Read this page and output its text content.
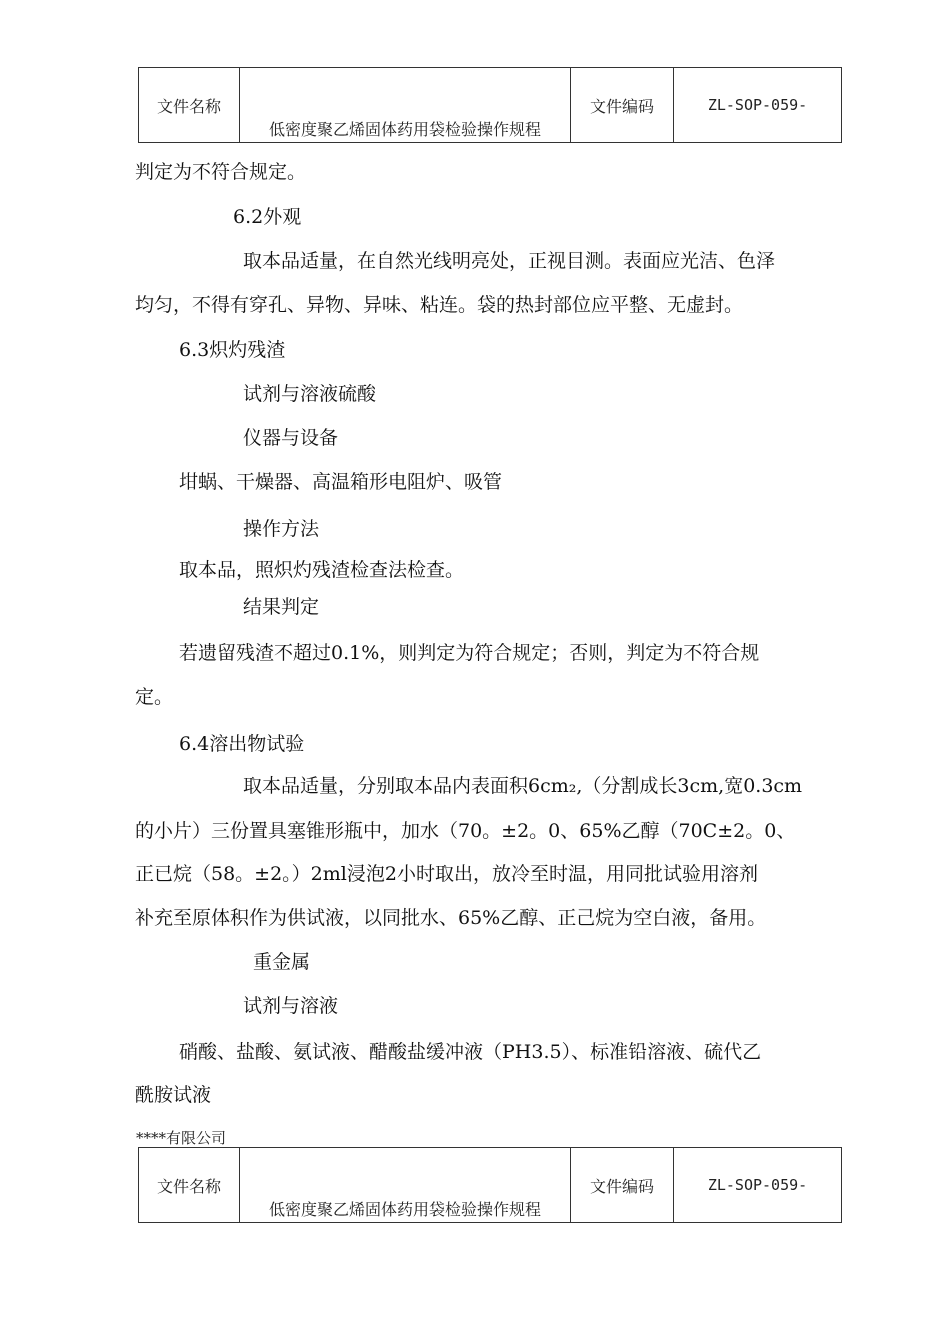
文件名称	低密度聚乙烯固体药用袋检验操作规程	文件编码	ZL-SOP-059-

判定为不符合规定。

6.2外观

取本品适量，在自然光线明亮处，正视目测。表面应光洁、色泽

均匀，不得有穿孔、异物、异味、粘连。袋的热封部位应平整、无虚封。

6.3炽灼残渣

试剂与溶液硫酸

仪器与设备

坩蜗、干燥器、高温箱形电阻炉、吸管

操作方法

取本品，照炽灼残渣检查法检查。

结果判定

若遗留残渣不超过0.1%，则判定为符合规定；否则，判定为不符合规

定。

6.4溶出物试验

取本品适量，分别取本品内表面积6cm₂,（分割成长3cm,宽0.3cm

的小片）三份置具塞锥形瓶中，加水（70。±2。0、65%乙醇（70C±2。0、

正已烷（58。±2。）2ml浸泡2小时取出，放冷至时温，用同批试验用溶剂

补充至原体积作为供试液，以同批水、65%乙醇、正己烷为空白液，备用。

重金属

试剂与溶液

硝酸、盐酸、氨试液、醋酸盐缓冲液（PH3.5）、标准铅溶液、硫代乙

酰胺试液

****有限公司

文件名称	低密度聚乙烯固体药用袋检验操作规程	文件编码	ZL-SOP-059-
